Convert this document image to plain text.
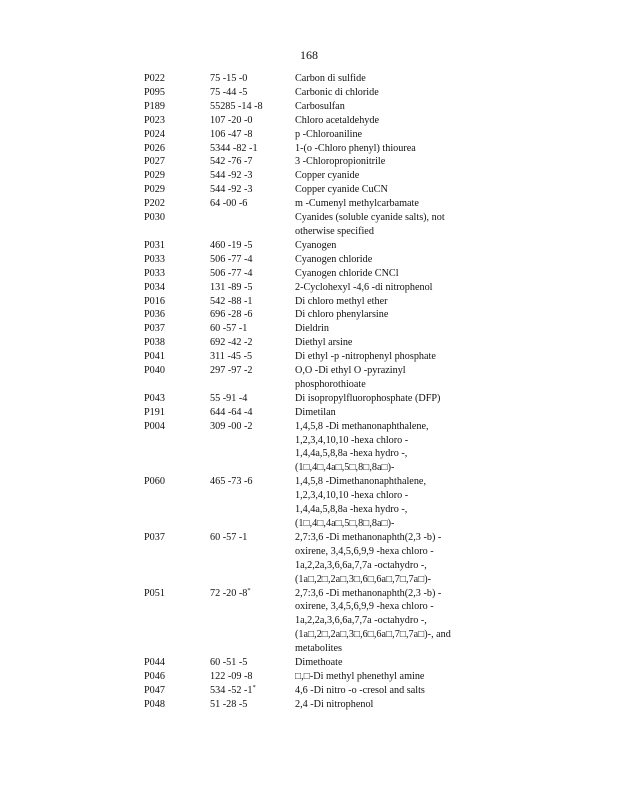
168
P022	75 -15 -0	Carbon di sulfide
P095	75 -44 -5	Carbonic di chloride
P189	55285 -14 -8	Carbosulfan
P023	107 -20 -0	Chloro acetaldehyde
P024	106 -47 -8	p -Chloroaniline
P026	5344 -82 -1	1-(o -Chloro phenyl) thiourea
P027	542 -76 -7	3 -Chloropropionitrile
P029	544 -92 -3	Copper cyanide
P029	544 -92 -3	Copper cyanide CuCN
P202	64 -00 -6	m -Cumenyl methylcarbamate
P030	Cyanides (soluble cyanide salts), not
otherwise specified
P031	460 -19 -5	Cyanogen
P033	506 -77 -4	Cyanogen chloride
P033	506 -77 -4	Cyanogen chloride CNCl
P034	131 -89 -5	2-Cyclohexyl -4,6 -di nitrophenol
P016	542 -88 -1	Di chloro methyl ether
P036	696 -28 -6	Di chloro phenylarsine
P037	60 -57 -1	Dieldrin
P038	692 -42 -2	Diethyl arsine
P041	311 -45 -5	Di ethyl -p -nitrophenyl phosphate
P040	297 -97 -2	O,O -Di ethyl O -pyrazinyl
phosphorothioate
P043	55 -91 -4	Di isopropylfluorophosphate (DFP)
P191	644 -64 -4	Dimetilan
P004	309 -00 -2	1,4,5,8 -Di methanonaphthalene,
1,2,3,4,10,10 -hexa chloro -
1,4,4a,5,8,8a -hexa hydro -,
(1□,4□,4a□,5□,8□,8a□)-
P060	465 -73 -6	1,4,5,8 -Dimethanonaphthalene,
1,2,3,4,10,10 -hexa chloro -
1,4,4a,5,8,8a -hexa hydro -,
(1□,4□,4a□,5□,8□,8a□)-
P037	60 -57 -1	2,7:3,6 -Di methanonaphth(2,3 -b) -
oxirene, 3,4,5,6,9,9 -hexa chloro -
1a,2,2a,3,6,6a,7,7a -octahydro -,
(1a□,2□,2a□,3□,6□,6a□,7□,7a□)-
P051	72 -20 -8*	2,7:3,6 -Di methanonaphth(2,3 -b) -
oxirene, 3,4,5,6,9,9 -hexa chloro -
1a,2,2a,3,6,6a,7,7a -octahydro -,
(1a□,2□,2a□,3□,6□,6a□,7□,7a□)-, and
metabolites
P044	60 -51 -5	Dimethoate
P046	122 -09 -8	□,□-Di methyl phenethyl amine
P047	534 -52 -1*	4,6 -Di nitro -o -cresol and salts
P048	51 -28 -5	2,4 -Di nitrophenol
